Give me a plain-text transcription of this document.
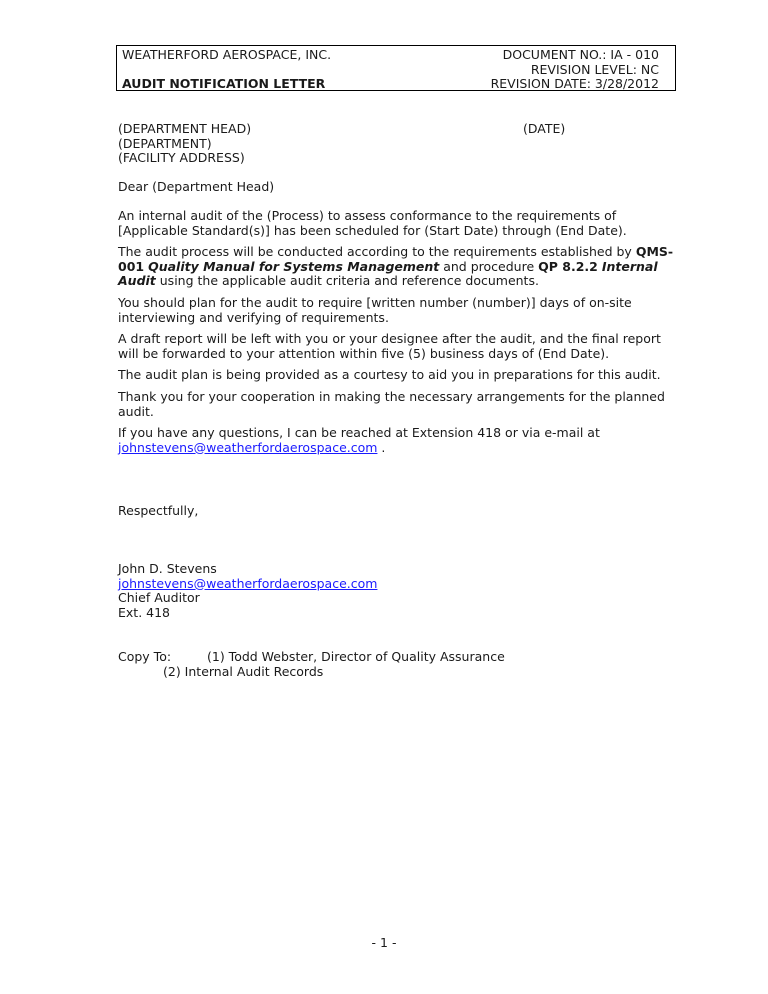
WEATHERFORD AEROSPACE, INC.
AUDIT NOTIFICATION LETTER
DOCUMENT NO.: IA - 010
REVISION LEVEL: NC
REVISION DATE: 3/28/2012
(DEPARTMENT HEAD)	(DATE)
(DEPARTMENT)
(FACILITY ADDRESS)
Dear (Department Head)

An internal audit of the (Process) to assess conformance to the requirements of [Applicable Standard(s)] has been scheduled for (Start Date) through (End Date).

The audit process will be conducted according to the requirements established by QMS-001 Quality Manual for Systems Management and procedure QP 8.2.2 Internal Audit using the applicable audit criteria and reference documents.

You should plan for the audit to require [written number (number)] days of on-site interviewing and verifying of requirements.

A draft report will be left with you or your designee after the audit, and the final report will be forwarded to your attention within five (5) business days of (End Date).

The audit plan is being provided as a courtesy to aid you in preparations for this audit.

Thank you for your cooperation in making the necessary arrangements for the planned audit.

If you have any questions, I can be reached at Extension 418 or via e-mail at johnstevens@weatherfordaerospace.com .

Respectfully,
John D. Stevens
johnstevens@weatherfordaerospace.com
Chief Auditor
Ext. 418
Copy To:	(1) Todd Webster, Director of Quality Assurance
(2) Internal Audit Records
- 1 -
